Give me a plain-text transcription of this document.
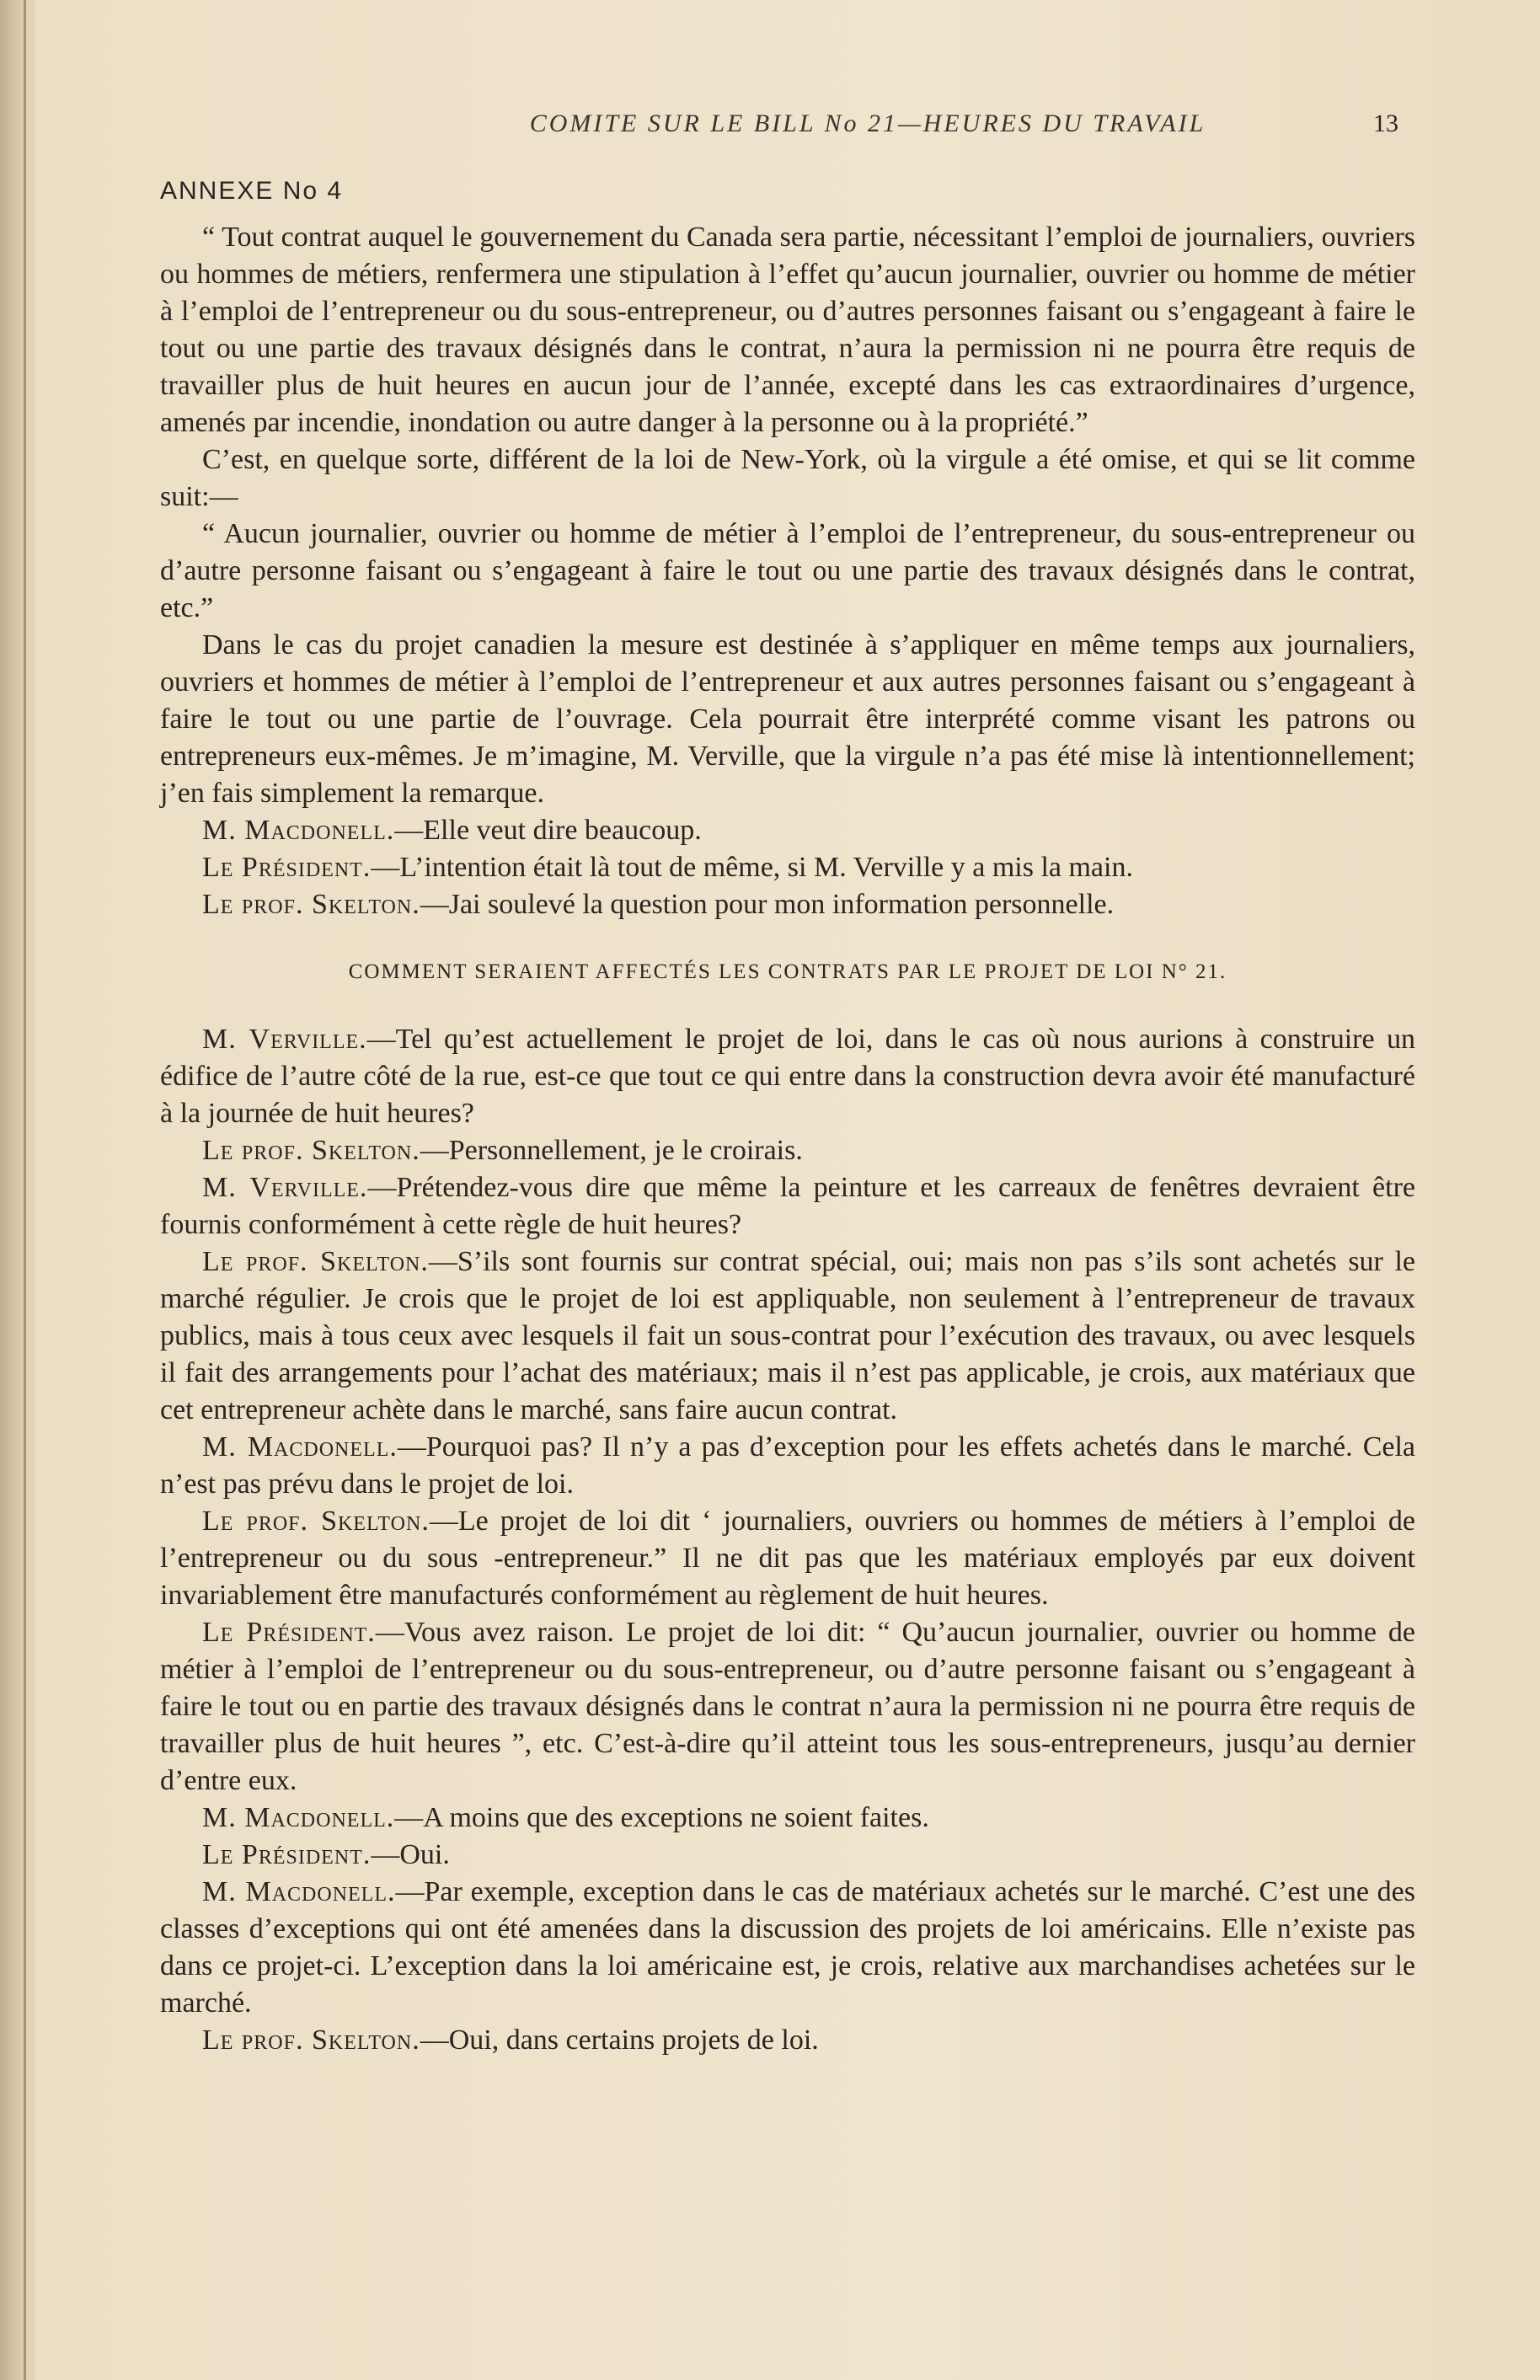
COMITE SUR LE BILL No 21—HEURES DU TRAVAIL	13
ANNEXE No 4

“ Tout contrat auquel le gouvernement du Canada sera partie, nécessitant l’emploi de journaliers, ouvriers ou hommes de métiers, renfermera une stipulation à l’effet qu’aucun journalier, ouvrier ou homme de métier à l’emploi de l’entrepreneur ou du sous-entrepreneur, ou d’autres personnes faisant ou s’engageant à faire le tout ou une partie des travaux désignés dans le contrat, n’aura la permission ni ne pourra être requis de travailler plus de huit heures en aucun jour de l’année, excepté dans les cas extraordinaires d’urgence, amenés par incendie, inondation ou autre danger à la personne ou à la propriété.”

C’est, en quelque sorte, différent de la loi de New-York, où la virgule a été omise, et qui se lit comme suit:—

“ Aucun journalier, ouvrier ou homme de métier à l’emploi de l’entrepreneur, du sous-entrepreneur ou d’autre personne faisant ou s’engageant à faire le tout ou une partie des travaux désignés dans le contrat, etc.”

Dans le cas du projet canadien la mesure est destinée à s’appliquer en même temps aux journaliers, ouvriers et hommes de métier à l’emploi de l’entrepreneur et aux autres personnes faisant ou s’engageant à faire le tout ou une partie de l’ouvrage. Cela pourrait être interprété comme visant les patrons ou entrepreneurs eux-mêmes. Je m’imagine, M. Verville, que la virgule n’a pas été mise là intentionnellement; j’en fais simplement la remarque.

M. Macdonell.—Elle veut dire beaucoup.

Le Président.—L’intention était là tout de même, si M. Verville y a mis la main.

Le prof. Skelton.—Jai soulevé la question pour mon information personnelle.

COMMENT SERAIENT AFFECTÉS LES CONTRATS PAR LE PROJET DE LOI N° 21.

M. Verville.—Tel qu’est actuellement le projet de loi, dans le cas où nous aurions à construire un édifice de l’autre côté de la rue, est-ce que tout ce qui entre dans la construction devra avoir été manufacturé à la journée de huit heures?

Le prof. Skelton.—Personnellement, je le croirais.

M. Verville.—Prétendez-vous dire que même la peinture et les carreaux de fenêtres devraient être fournis conformément à cette règle de huit heures?

Le prof. Skelton.—S’ils sont fournis sur contrat spécial, oui; mais non pas s’ils sont achetés sur le marché régulier. Je crois que le projet de loi est appliquable, non seulement à l’entrepreneur de travaux publics, mais à tous ceux avec lesquels il fait un sous-contrat pour l’exécution des travaux, ou avec lesquels il fait des arrangements pour l’achat des matériaux; mais il n’est pas applicable, je crois, aux matériaux que cet entrepreneur achète dans le marché, sans faire aucun contrat.

M. Macdonell.—Pourquoi pas? Il n’y a pas d’exception pour les effets achetés dans le marché. Cela n’est pas prévu dans le projet de loi.

Le prof. Skelton.—Le projet de loi dit ‘ journaliers, ouvriers ou hommes de métiers à l’emploi de l’entrepreneur ou du sous -entrepreneur.” Il ne dit pas que les matériaux employés par eux doivent invariablement être manufacturés conformément au règlement de huit heures.

Le Président.—Vous avez raison. Le projet de loi dit: “ Qu’aucun journalier, ouvrier ou homme de métier à l’emploi de l’entrepreneur ou du sous-entrepreneur, ou d’autre personne faisant ou s’engageant à faire le tout ou en partie des travaux désignés dans le contrat n’aura la permission ni ne pourra être requis de travailler plus de huit heures ”, etc. C’est-à-dire qu’il atteint tous les sous-entrepreneurs, jusqu’au dernier d’entre eux.

M. Macdonell.—A moins que des exceptions ne soient faites.

Le Président.—Oui.

M. Macdonell.—Par exemple, exception dans le cas de matériaux achetés sur le marché. C’est une des classes d’exceptions qui ont été amenées dans la discussion des projets de loi américains. Elle n’existe pas dans ce projet-ci. L’exception dans la loi américaine est, je crois, relative aux marchandises achetées sur le marché.

Le prof. Skelton.—Oui, dans certains projets de loi.
